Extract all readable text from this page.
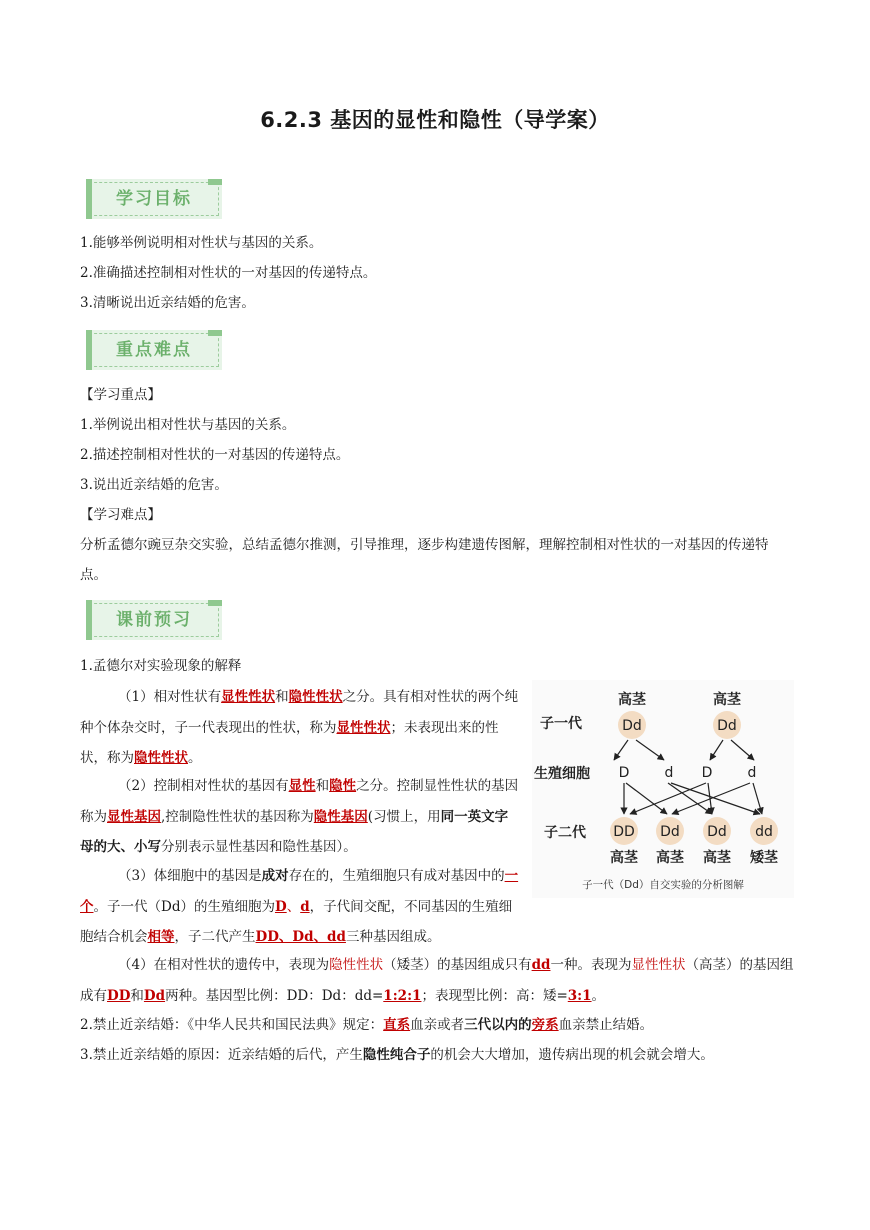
6.2.3 基因的显性和隐性（导学案）
学习目标
1.能够举例说明相对性状与基因的关系。
2.准确描述控制相对性状的一对基因的传递特点。
3.清晰说出近亲结婚的危害。
重点难点
【学习重点】
1.举例说出相对性状与基因的关系。
2.描述控制相对性状的一对基因的传递特点。
3.说出近亲结婚的危害。
【学习难点】
分析孟德尔豌豆杂交实验，总结孟德尔推测，引导推理，逐步构建遗传图解，理解控制相对性状的一对基因的传递特点。
课前预习
1.孟德尔对实验现象的解释
（1）相对性状有显性性状和隐性性状之分。具有相对性状的两个纯种个体杂交时，子一代表现出的性状，称为显性性状；未表现出来的性状，称为隐性性状。
（2）控制相对性状的基因有显性和隐性之分。控制显性性状的基因称为显性基因,控制隐性性状的基因称为隐性基因(习惯上，用同一英文字母的大、小写分别表示显性基因和隐性基因）。
（3）体细胞中的基因是成对存在的，生殖细胞只有成对基因中的一个。子一代（Dd）的生殖细胞为D、d，子代间交配，不同基因的生殖细胞结合机会相等，子二代产生DD、Dd、dd三种基因组成。
（4）在相对性状的遗传中，表现为隐性性状（矮茎）的基因组成只有dd一种。表现为显性性状（高茎）的基因组成有DD和Dd两种。基因型比例：DD：Dd：dd=1:2:1；表现型比例：高：矮=3:1。
2.禁止近亲结婚：《中华人民共和国民法典》规定：直系血亲或者三代以内的旁系血亲禁止结婚。
3.禁止近亲结婚的原因：近亲结婚的后代，产生隐性纯合子的机会大大增加，遗传病出现的机会就会增大。
子一代
生殖细胞
子二代
高茎	高茎
Dd	Dd
D	d D	d
DD Dd Dd dd
高茎 高茎 高茎 矮茎
子一代（Dd）自交实验的分析图解
